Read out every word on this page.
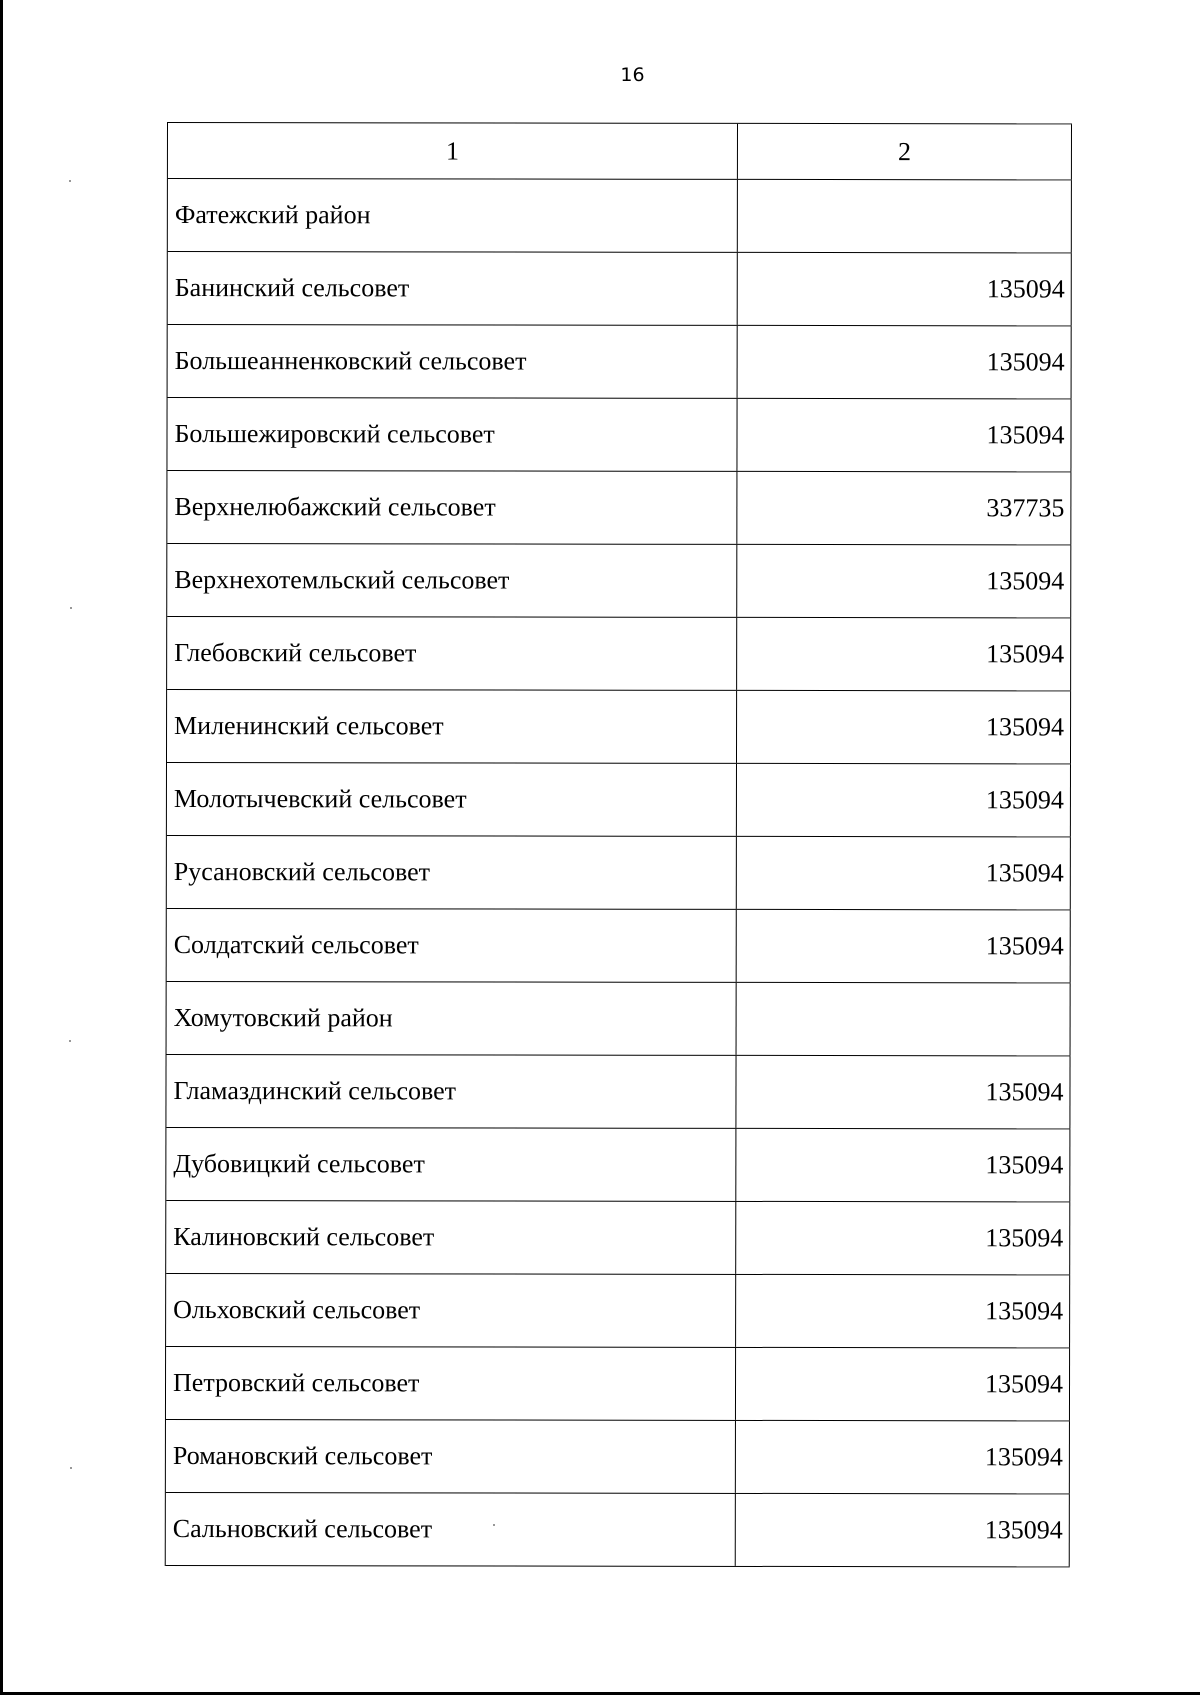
16
1	2
Фатежский район
Банинский сельсовет	135094
Большеанненковский сельсовет	135094
Большежировский сельсовет	135094
Верхнелюбажский сельсовет	337735
Верхнехотемльский сельсовет	135094
Глебовский сельсовет	135094
Миленинский сельсовет	135094
Молотычевский сельсовет	135094
Русановский сельсовет	135094
Солдатский сельсовет	135094
Хомутовский район
Гламаздинский сельсовет	135094
Дубовицкий сельсовет	135094
Калиновский сельсовет	135094
Ольховский сельсовет	135094
Петровский сельсовет	135094
Романовский сельсовет	135094
Сальновский сельсовет	135094
